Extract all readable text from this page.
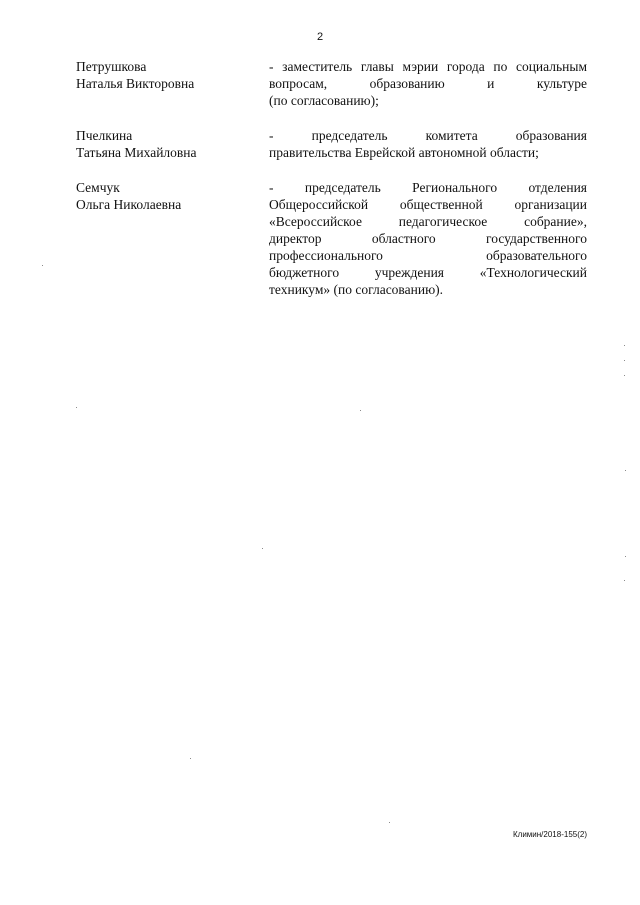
2
Петрушкова
Наталья Викторовна
- заместитель главы мэрии города по социальным
вопросам, образованию и культуре
(по согласованию);
Пчелкина
Татьяна Михайловна
- председатель комитета образования
правительства Еврейской автономной области;
Семчук
Ольга Николаевна
- председатель Регионального отделения
Общероссийской общественной организации
«Всероссийское педагогическое собрание»,
директор областного государственного
профессионального образовательного
бюджетного учреждения «Технологический
техникум» (по согласованию).
Климин/2018-155(2)
